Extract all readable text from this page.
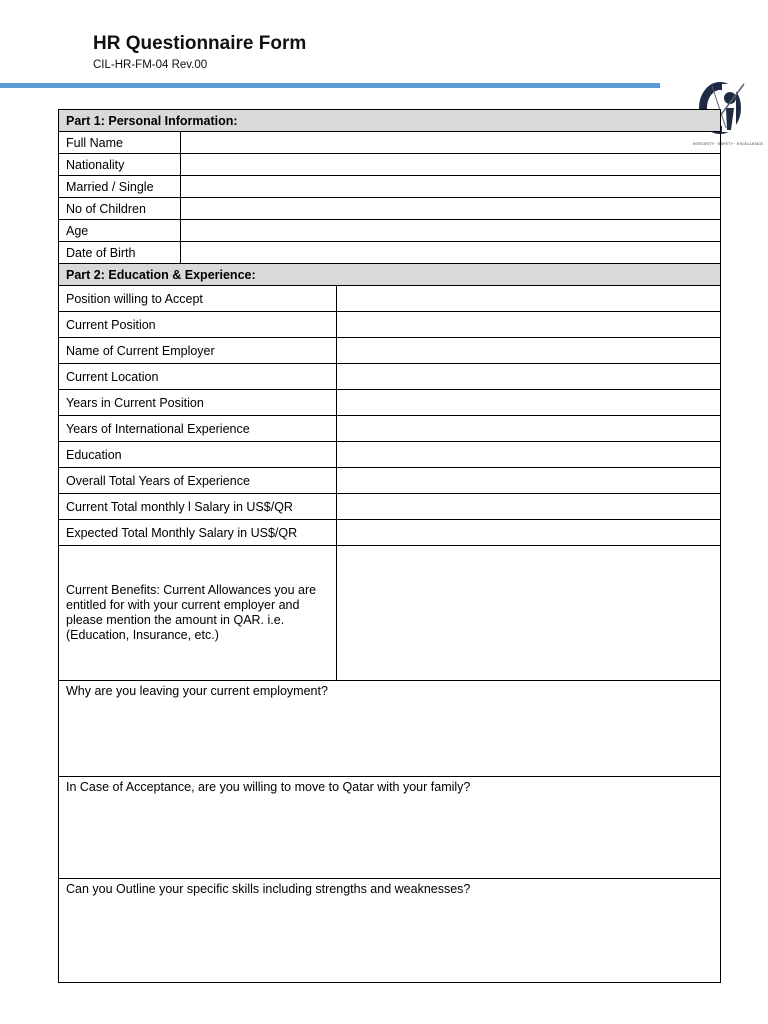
HR Questionnaire Form
CIL-HR-FM-04 Rev.00
INTEGRITY · SAFETY · EXCELLENCE
Part 1: Personal Information:		
Full Name		
Nationality		
Married / Single		
No of Children		
Age		
Date of Birth		
Part 2: Education & Experience:		
Position willing to Accept		
Current Position		
Name of Current Employer		
Current Location		
Years in Current Position		
Years of International Experience		
Education		
Overall Total Years of Experience		
Current Total monthly l Salary in US$/QR		
Expected Total Monthly Salary in US$/QR		
Current Benefits: Current Allowances you are entitled for with your current employer and please mention the amount in QAR. i.e. (Education, Insurance, etc.)		
Why are you leaving your current employment?		
In Case of Acceptance, are you willing to move to Qatar with your family?		
Can you Outline your specific skills including strengths and weaknesses?		
